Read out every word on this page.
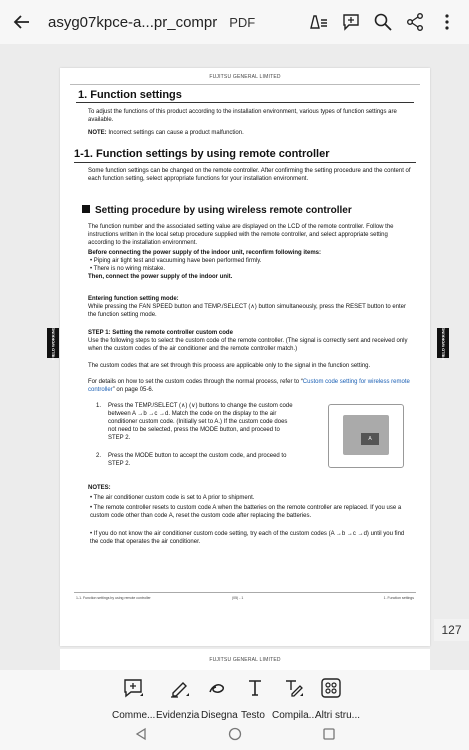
asyg07kpce-a...pr_compr PDF
FIELD WORKING	FIELD WORKING
FUJITSU GENERAL LIMITED
1. Function settings
To adjust the functions of this product according to the installation environment, various types of function settings are available.
NOTE: Incorrect settings can cause a product malfunction.
1-1. Function settings by using remote controller
Some function settings can be changed on the remote controller. After confirming the setting procedure and the content of each function setting, select appropriate functions for your installation environment.
Setting procedure by using wireless remote controller
The function number and the associated setting value are displayed on the LCD of the remote controller. Follow the instructions written in the local setup procedure supplied with the remote controller, and select appropriate setting according to the installation environment.
Before connecting the power supply of the indoor unit, reconfirm following items:
• Piping air tight test and vacuuming have been performed firmly.
• There is no wiring mistake.
Then, connect the power supply of the indoor unit.
Entering function setting mode:
While pressing the FAN SPEED button and TEMP./SELECT (∧) button simultaneously, press the RESET button to enter the function setting mode.
STEP 1: Setting the remote controller custom code
Use the following steps to select the custom code of the remote controller. (The signal is correctly sent and received only when the custom codes of the air conditioner and the remote controller match.)
The custom codes that are set through this process are applicable only to the signal in the function setting.
For details on how to set the custom codes through the normal process, refer to “Custom code setting for wireless remote controller” on page 05-6.
1. Press the TEMP./SELECT (∧) (∨) buttons to change the custom code between A →b →c →d. Match the code on the display to the air conditioner custom code. (Initially set to A.) If the custom code does not need to be selected, press the MODE button, and proceed to STEP 2.
2. Press the MODE button to accept the custom code, and proceed to STEP 2.
A
NOTES:
• The air conditioner custom code is set to A prior to shipment.
• The remote controller resets to custom code A when the batteries on the remote controller are replaced. If you use a custom code other than code A, reset the custom code after replacing the batteries.
• If you do not know the air conditioner custom code setting, try each of the custom codes (A →b →c →d) until you find the code that operates the air conditioner.
1-1. Function settings by using remote controller	(05) - 1	1. Function settings
FUJITSU GENERAL LIMITED
127
Comme... Evidenzia Disegna Testo Compila...
Altri stru...
